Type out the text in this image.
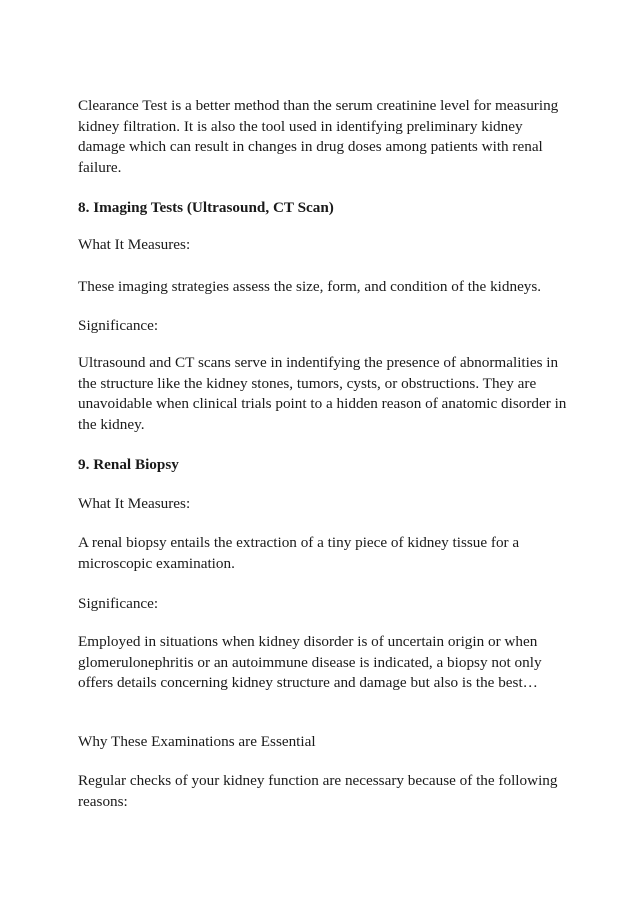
Clearance Test is a better method than the serum creatinine level for measuring
kidney filtration. It is also the tool used in identifying preliminary kidney
damage which can result in changes in drug doses among patients with renal
failure.

8. Imaging Tests (Ultrasound, CT Scan)

What It Measures:

These imaging strategies assess the size, form, and condition of the kidneys.

Significance:

Ultrasound and CT scans serve in indentifying the presence of abnormalities in
the structure like the kidney stones, tumors, cysts, or obstructions. They are
unavoidable when clinical trials point to a hidden reason of anatomic disorder in
the kidney.

9. Renal Biopsy

What It Measures:

A renal biopsy entails the extraction of a tiny piece of kidney tissue for a
microscopic examination.

Significance:

Employed in situations when kidney disorder is of uncertain origin or when
glomerulonephritis or an autoimmune disease is indicated, a biopsy not only
offers details concerning kidney structure and damage but also is the best…

Why These Examinations are Essential

Regular checks of your kidney function are necessary because of the following
reasons:
